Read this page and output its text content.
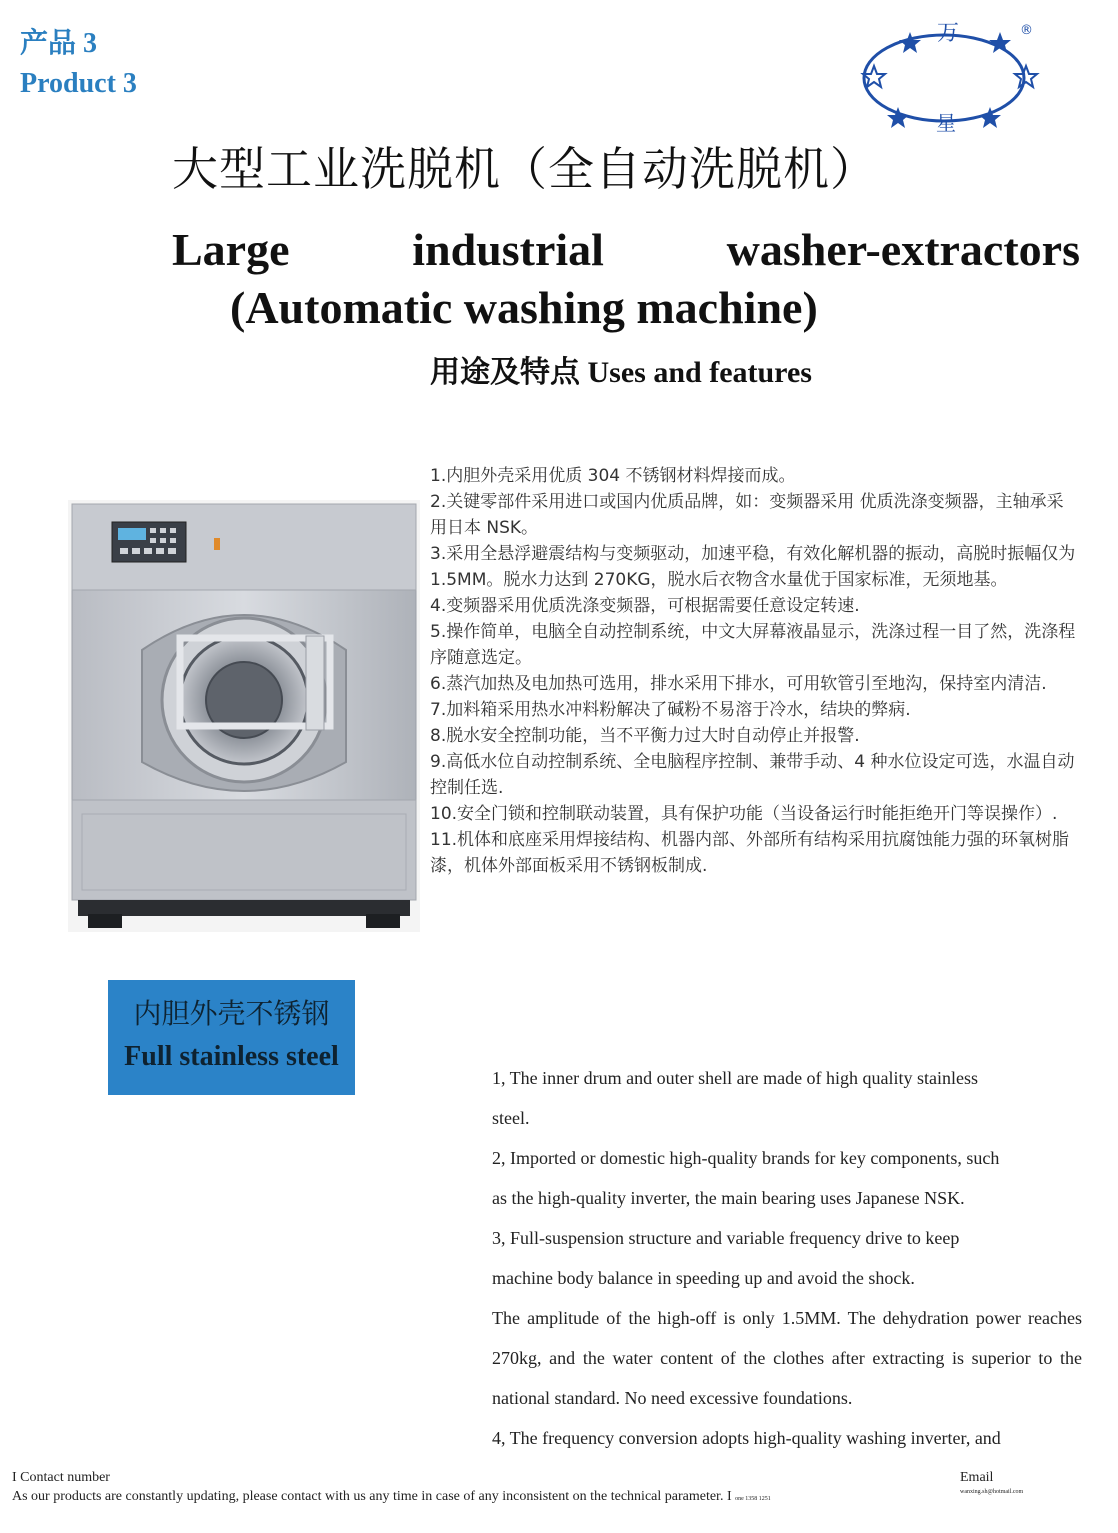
产品 3
Product 3
万
星
®
大型工业洗脱机（全自动洗脱机）
Large	industrial	washer-extractors
(Automatic washing machine)
用途及特点 Uses and features
1.内胆外壳采用优质 304 不锈钢材料焊接而成。
2.关键零部件采用进口或国内优质品牌，如：变频器采用 优质洗涤变频器，主轴承采用日本 NSK。
3.采用全悬浮避震结构与变频驱动，加速平稳，有效化解机器的振动，高脱时振幅仅为 1.5MM。脱水力达到 270KG，脱水后衣物含水量优于国家标准，无须地基。
4.变频器采用优质洗涤变频器，可根据需要任意设定转速.
5.操作简单，电脑全自动控制系统，中文大屏幕液晶显示，洗涤过程一目了然，洗涤程序随意选定。
6.蒸汽加热及电加热可选用，排水采用下排水，可用软管引至地沟，保持室内清洁.
7.加料箱采用热水冲料粉解决了碱粉不易溶于冷水，结块的弊病.
8.脱水安全控制功能，当不平衡力过大时自动停止并报警.
9.高低水位自动控制系统、全电脑程序控制、兼带手动、4 种水位设定可选，水温自动控制任选.
10.安全门锁和控制联动装置，具有保护功能（当设备运行时能拒绝开门等误操作）.
11.机体和底座采用焊接结构、机器内部、外部所有结构采用抗腐蚀能力强的环氧树脂漆，机体外部面板采用不锈钢板制成.
内胆外壳不锈钢
Full stainless steel

1, The inner drum and outer shell are made of high quality stainless

steel.

2, Imported or domestic high-quality brands for key components, such

as the high-quality inverter, the main bearing uses Japanese NSK.

3, Full-suspension structure and variable frequency drive to keep

machine body balance in speeding up and avoid the shock.

The amplitude of the high-off is only 1.5MM. The dehydration power reaches 270kg, and the water content of the clothes after extracting is superior to the national standard. No need excessive foundations.

4, The frequency conversion adopts high-quality washing inverter, and

I Contact number
As our products are constantly updating, please contact with us any time in case of any inconsistent on the technical parameter. I one 1358 1251
Email
wanxing.sh@hotmail.com
